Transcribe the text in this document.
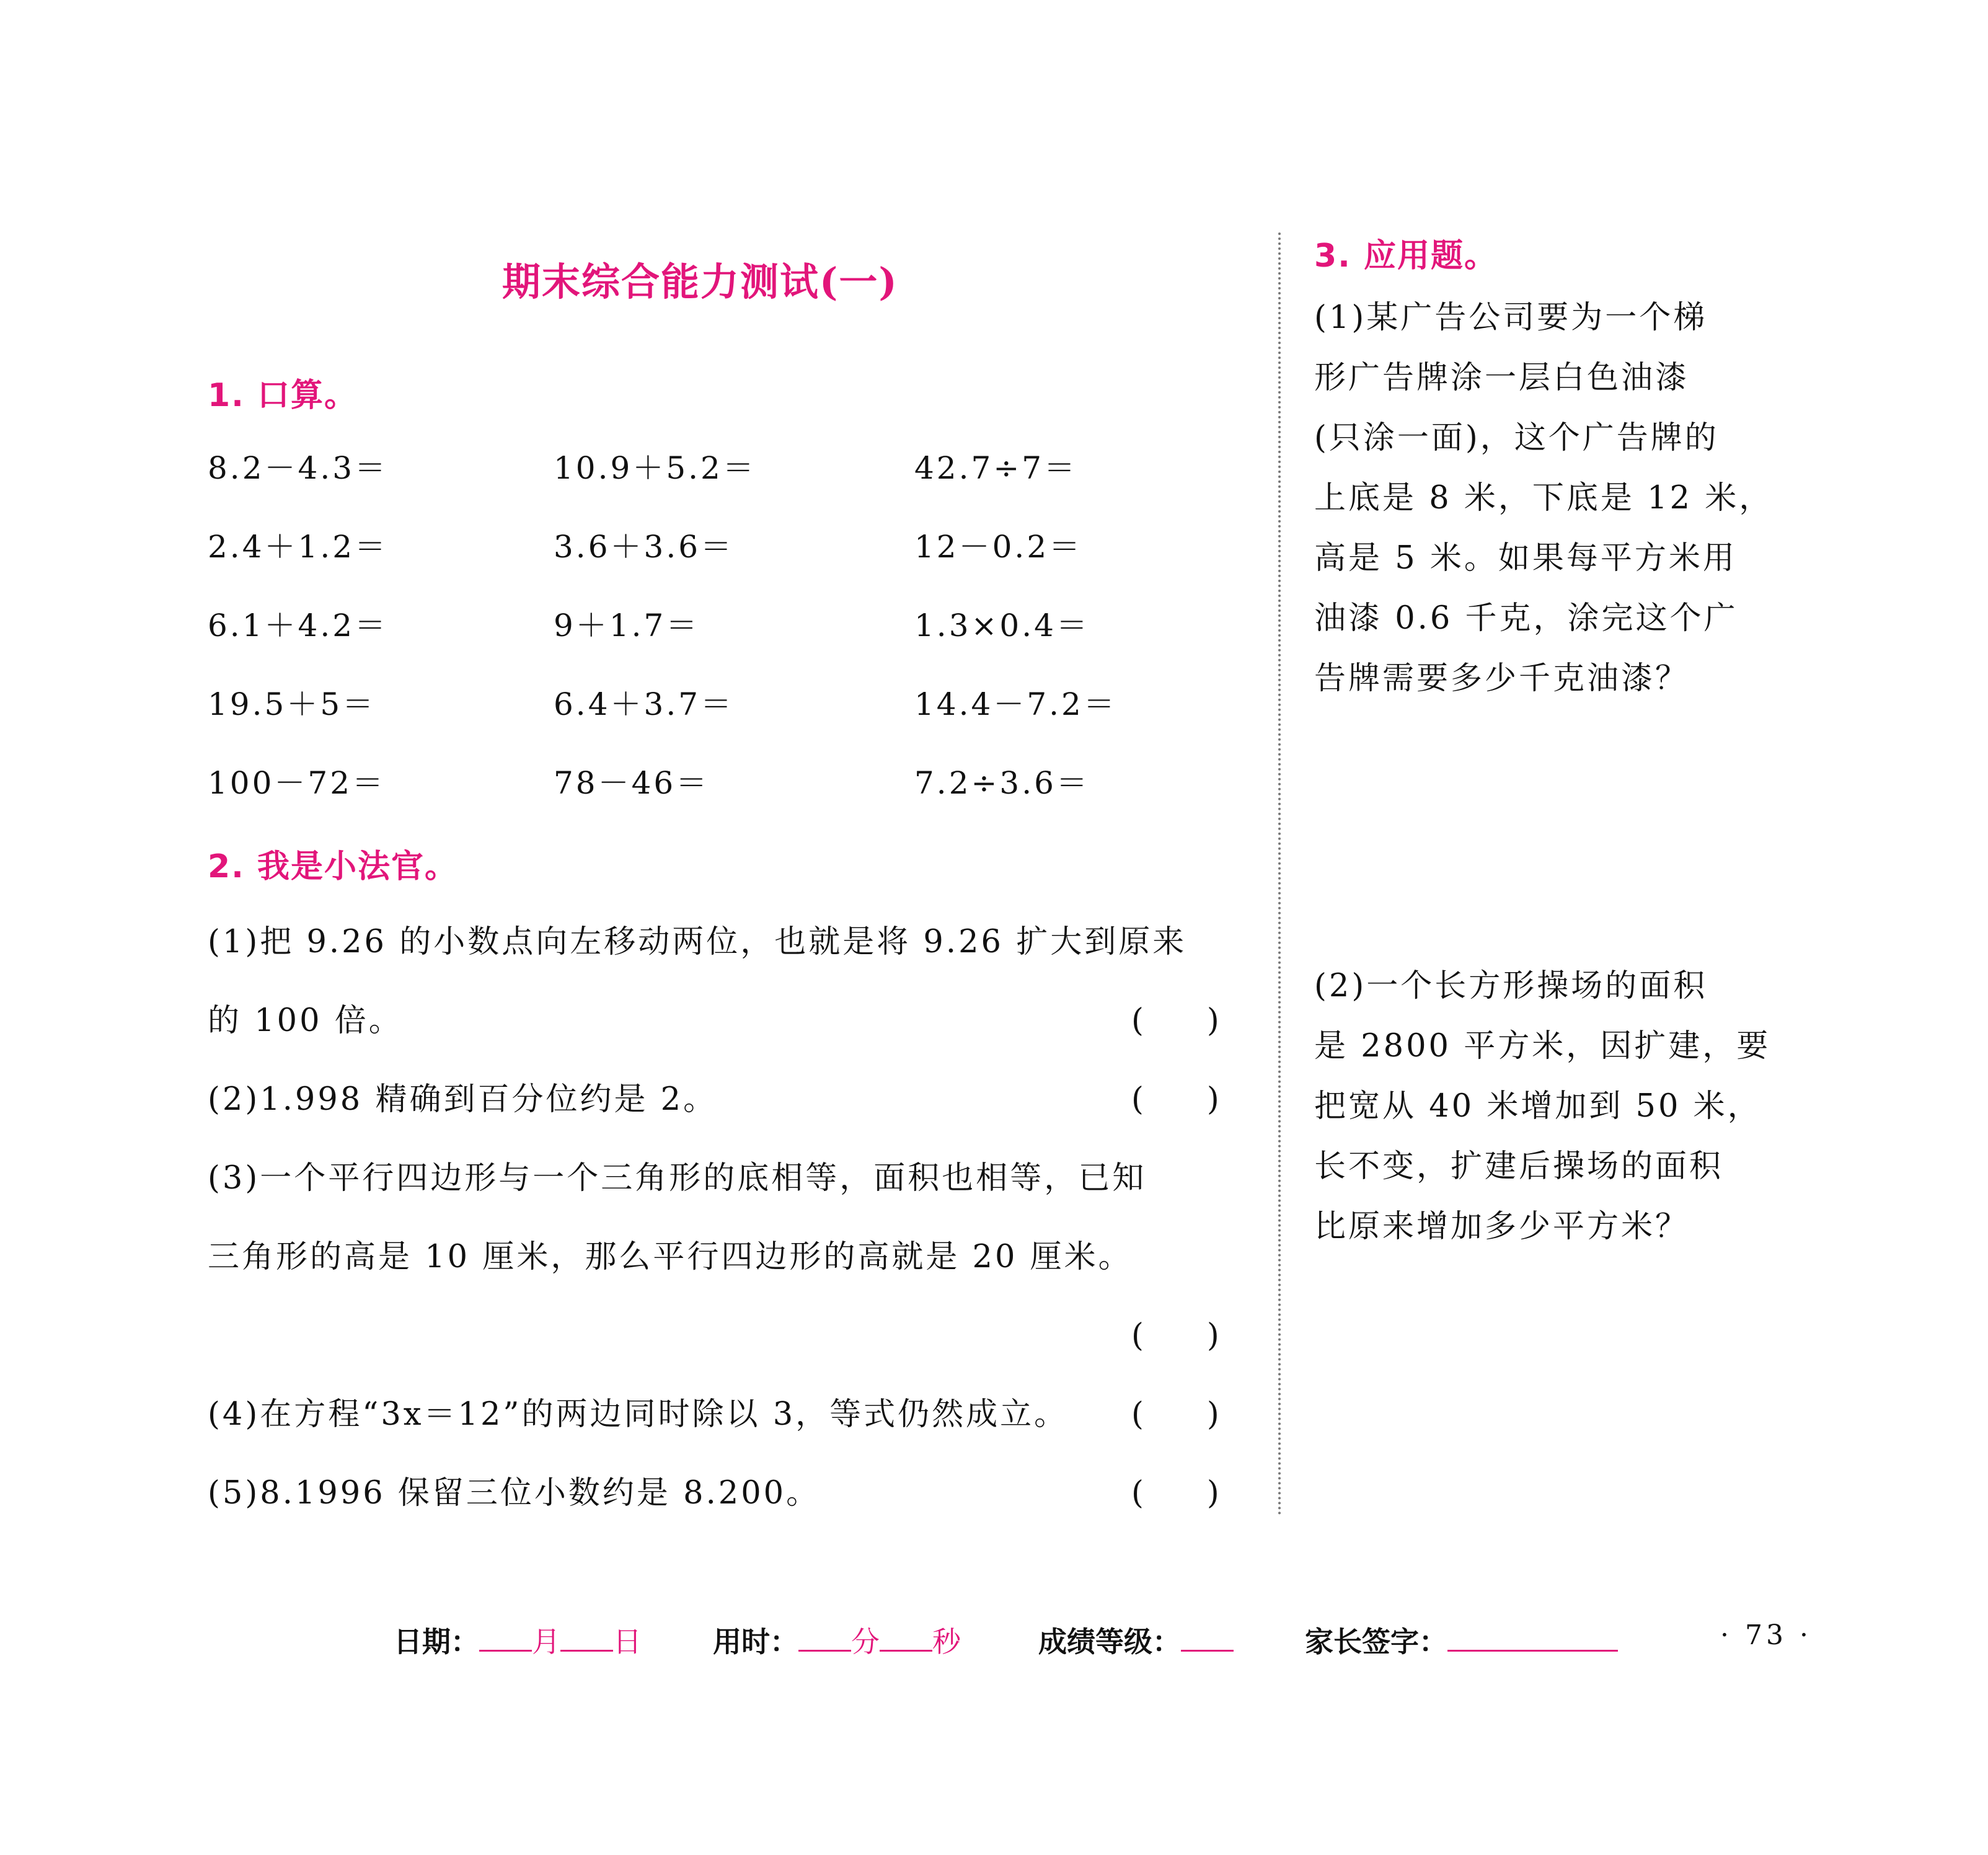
期末综合能力测试(一)
1. 口算。
8.2－4.3＝	10.9＋5.2＝	42.7÷7＝
2.4＋1.2＝	3.6＋3.6＝	12－0.2＝
6.1＋4.2＝	9＋1.7＝	1.3×0.4＝
19.5＋5＝	6.4＋3.7＝	14.4－7.2＝
100－72＝	78－46＝	7.2÷3.6＝
2. 我是小法官。
(1)把 9.26 的小数点向左移动两位，也就是将 9.26 扩大到原来
的 100 倍。	(　　)
(2)1.998 精确到百分位约是 2。	(　　)
(3)一个平行四边形与一个三角形的底相等，面积也相等，已知
三角形的高是 10 厘米，那么平行四边形的高就是 20 厘米。
(　　)
(4)在方程“3x＝12”的两边同时除以 3，等式仍然成立。 (　　)
(5)8.1996 保留三位小数约是 8.200。	(　　)
3. 应用题。
(1)某广告公司要为一个梯
形广告牌涂一层白色油漆
(只涂一面)，这个广告牌的
上底是 8 米，下底是 12 米，
高是 5 米。如果每平方米用
油漆 0.6 千克，涂完这个广
告牌需要多少千克油漆？
(2)一个长方形操场的面积
是 2800 平方米，因扩建，要
把宽从 40 米增加到 50 米，
长不变，扩建后操场的面积
比原来增加多少平方米？
日期： 月 日	用时： 分 秒	成绩等级：	家长签字：	· 73 ·
